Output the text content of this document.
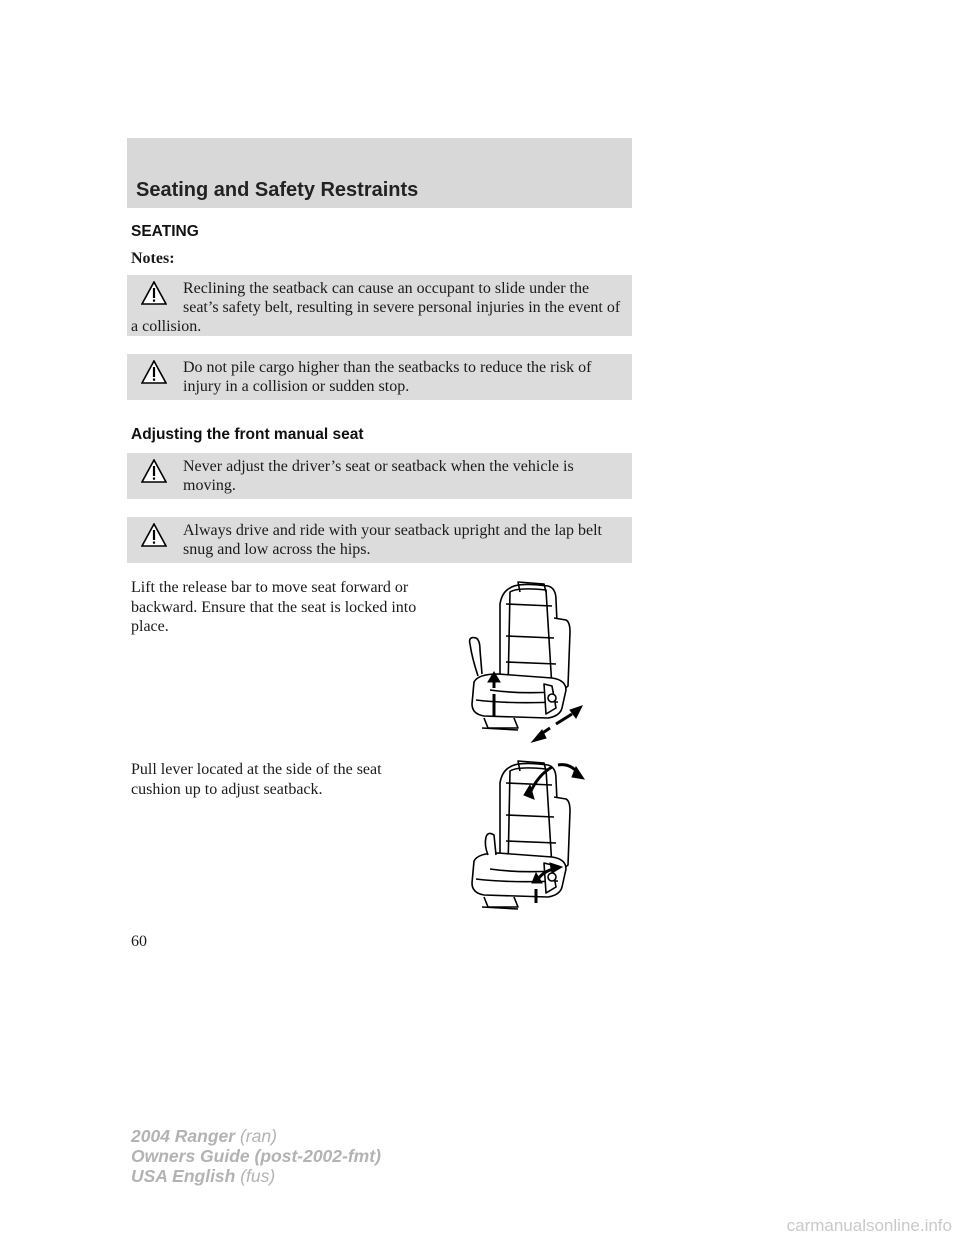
Seating and Safety Restraints
SEATING
Notes:
Reclining the seatback can cause an occupant to slide under the seat’s safety belt, resulting in severe personal injuries in the event of a collision.
Do not pile cargo higher than the seatbacks to reduce the risk of injury in a collision or sudden stop.
Adjusting the front manual seat
Never adjust the driver’s seat or seatback when the vehicle is moving.
Always drive and ride with your seatback upright and the lap belt snug and low across the hips.
Lift the release bar to move seat forward or backward. Ensure that the seat is locked into place.
Pull lever located at the side of the seat cushion up to adjust seatback.
60
2004 Ranger (ran)
Owners Guide (post-2002-fmt)
USA English (fus)
carmanualsonline.info
